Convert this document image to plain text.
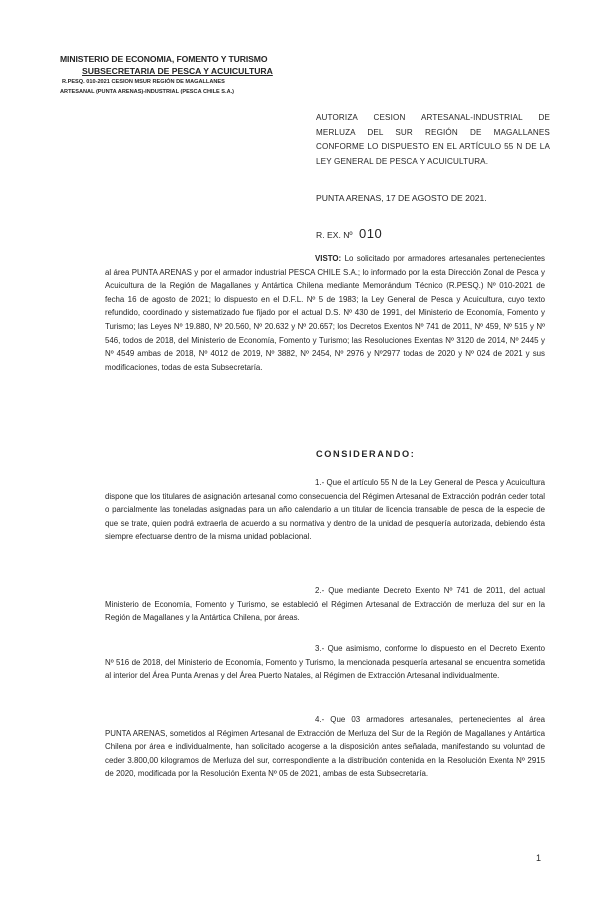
MINISTERIO DE ECONOMIA, FOMENTO Y TURISMO
SUBSECRETARIA DE PESCA Y ACUICULTURA
R.PESQ. 010-2021 CESION MSUR REGIÓN DE MAGALLANES
ARTESANAL (PUNTA ARENAS)-INDUSTRIAL (PESCA CHILE S.A.)
AUTORIZA CESION ARTESANAL-INDUSTRIAL DE MERLUZA DEL SUR REGIÓN DE MAGALLANES CONFORME LO DISPUESTO EN EL ARTÍCULO 55 N DE LA LEY GENERAL DE PESCA Y ACUICULTURA.
PUNTA ARENAS, 17 DE AGOSTO DE 2021.
R. EX. Nº 010
VISTO: Lo solicitado por armadores artesanales pertenecientes al área PUNTA ARENAS y por el armador industrial PESCA CHILE S.A.; lo informado por la esta Dirección Zonal de Pesca y Acuicultura de la Región de Magallanes y Antártica Chilena mediante Memorándum Técnico (R.PESQ.) Nº 010-2021 de fecha 16 de agosto de 2021; lo dispuesto en el D.F.L. Nº 5 de 1983; la Ley General de Pesca y Acuicultura, cuyo texto refundido, coordinado y sistematizado fue fijado por el actual D.S. Nº 430 de 1991, del Ministerio de Economía, Fomento y Turismo; las Leyes Nº 19.880, Nº 20.560, Nº 20.632 y Nº 20.657; los Decretos Exentos Nº 741 de 2011, Nº 459, Nº 515 y Nº 546, todos de 2018, del Ministerio de Economía, Fomento y Turismo; las Resoluciones Exentas Nº 3120 de 2014, Nº 2445 y Nº 4549 ambas de 2018, Nº 4012 de 2019, Nº 3882, Nº 2454, Nº 2976 y Nº2977 todas de 2020 y Nº 024 de 2021 y sus modificaciones, todas de esta Subsecretaría.
CONSIDERANDO:
1.- Que el artículo 55 N de la Ley General de Pesca y Acuicultura dispone que los titulares de asignación artesanal como consecuencia del Régimen Artesanal de Extracción podrán ceder total o parcialmente las toneladas asignadas para un año calendario a un titular de licencia transable de pesca de la especie de que se trate, quien podrá extraerla de acuerdo a su normativa y dentro de la unidad de pesquería autorizada, debiendo ésta siempre efectuarse dentro de la misma unidad poblacional.
2.- Que mediante Decreto Exento Nº 741 de 2011, del actual Ministerio de Economía, Fomento y Turismo, se estableció el Régimen Artesanal de Extracción de merluza del sur en la Región de Magallanes y la Antártica Chilena, por áreas.
3.- Que asimismo, conforme lo dispuesto en el Decreto Exento Nº 516 de 2018, del Ministerio de Economía, Fomento y Turismo, la mencionada pesquería artesanal se encuentra sometida al interior del Área Punta Arenas y del Área Puerto Natales, al Régimen de Extracción Artesanal individualmente.
4.- Que 03 armadores artesanales, pertenecientes al área PUNTA ARENAS, sometidos al Régimen Artesanal de Extracción de Merluza del Sur de la Región de Magallanes y Antártica Chilena por área e individualmente, han solicitado acogerse a la disposición antes señalada, manifestando su voluntad de ceder 3.800,00 kilogramos de Merluza del sur, correspondiente a la distribución contenida en la Resolución Exenta Nº 2915 de 2020, modificada por la Resolución Exenta Nº 05 de 2021, ambas de esta Subsecretaría.
1
